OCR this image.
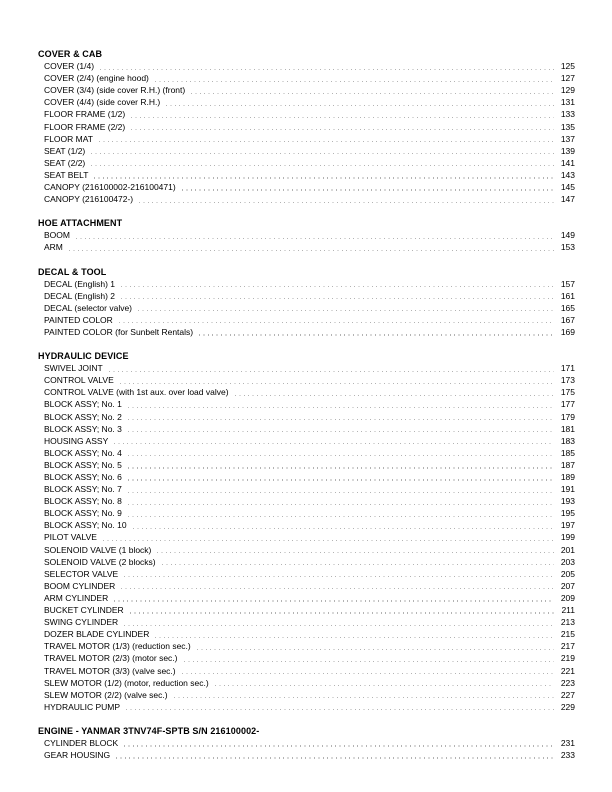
COVER & CAB
COVER (1/4)	125
COVER (2/4) (engine hood)	127
COVER (3/4) (side cover R.H.) (front)	129
COVER (4/4) (side cover R.H.)	131
FLOOR FRAME (1/2)	133
FLOOR FRAME (2/2)	135
FLOOR MAT	137
SEAT (1/2)	139
SEAT (2/2)	141
SEAT BELT	143
CANOPY (216100002-216100471)	145
CANOPY (216100472-)	147
HOE ATTACHMENT
BOOM	149
ARM	153
DECAL & TOOL
DECAL (English) 1	157
DECAL (English) 2	161
DECAL (selector valve)	165
PAINTED COLOR	167
PAINTED COLOR (for Sunbelt Rentals)	169
HYDRAULIC DEVICE
SWIVEL JOINT	171
CONTROL VALVE	173
CONTROL VALVE (with 1st aux. over load valve)	175
BLOCK ASSY; No. 1	177
BLOCK ASSY; No. 2	179
BLOCK ASSY; No. 3	181
HOUSING ASSY	183
BLOCK ASSY; No. 4	185
BLOCK ASSY; No. 5	187
BLOCK ASSY; No. 6	189
BLOCK ASSY; No. 7	191
BLOCK ASSY; No. 8	193
BLOCK ASSY; No. 9	195
BLOCK ASSY; No. 10	197
PILOT VALVE	199
SOLENOID VALVE (1 block)	201
SOLENOID VALVE (2 blocks)	203
SELECTOR VALVE	205
BOOM CYLINDER	207
ARM CYLINDER	209
BUCKET CYLINDER	211
SWING CYLINDER	213
DOZER BLADE CYLINDER	215
TRAVEL MOTOR (1/3) (reduction sec.)	217
TRAVEL MOTOR (2/3) (motor sec.)	219
TRAVEL MOTOR (3/3) (valve sec.)	221
SLEW MOTOR (1/2) (motor, reduction sec.)	223
SLEW MOTOR (2/2) (valve sec.)	227
HYDRAULIC PUMP	229
ENGINE - YANMAR 3TNV74F-SPTB S/N 216100002-
CYLINDER BLOCK	231
GEAR HOUSING	233
